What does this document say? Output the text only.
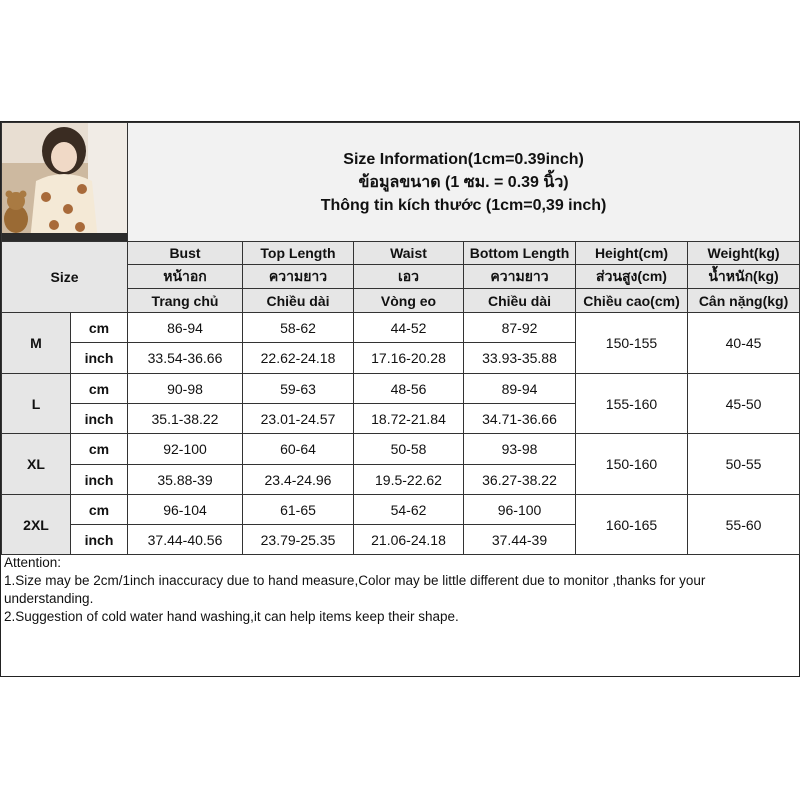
Size Information(1cm=0.39inch)
ข้อมูลขนาด (1 ซม. = 0.39 นิ้ว)
Thông tin kích thước (1cm=0,39 inch)					

Size		Bust	Top Length	Waist	Bottom Length	Height(cm)	Weight(kg)
		หน้าอก	ความยาว	เอว	ความยาว	ส่วนสูง(cm)	น้ำหนัก(kg)
		Trang chủ	Chiều dài	Vòng eo	Chiều dài	Chiều cao(cm)	Cân nặng(kg)
M	cm	86-94	58-62	44-52	87-92	150-155	40-45
	inch	33.54-36.66	22.62-24.18	17.16-20.28	33.93-35.88		
L	cm	90-98	59-63	48-56	89-94	155-160	45-50
	inch	35.1-38.22	23.01-24.57	18.72-21.84	34.71-36.66		
XL	cm	92-100	60-64	50-58	93-98	150-160	50-55
	inch	35.88-39	23.4-24.96	19.5-22.62	36.27-38.22		
2XL	cm	96-104	61-65	54-62	96-100	160-165	55-60
	inch	37.44-40.56	23.79-25.35	21.06-24.18	37.44-39		
Attention:
1.Size may be 2cm/1inch inaccuracy due to hand measure,Color may be little different due to monitor ,thanks for your understanding.
2.Suggestion of cold water hand washing,it can help items keep their shape.
